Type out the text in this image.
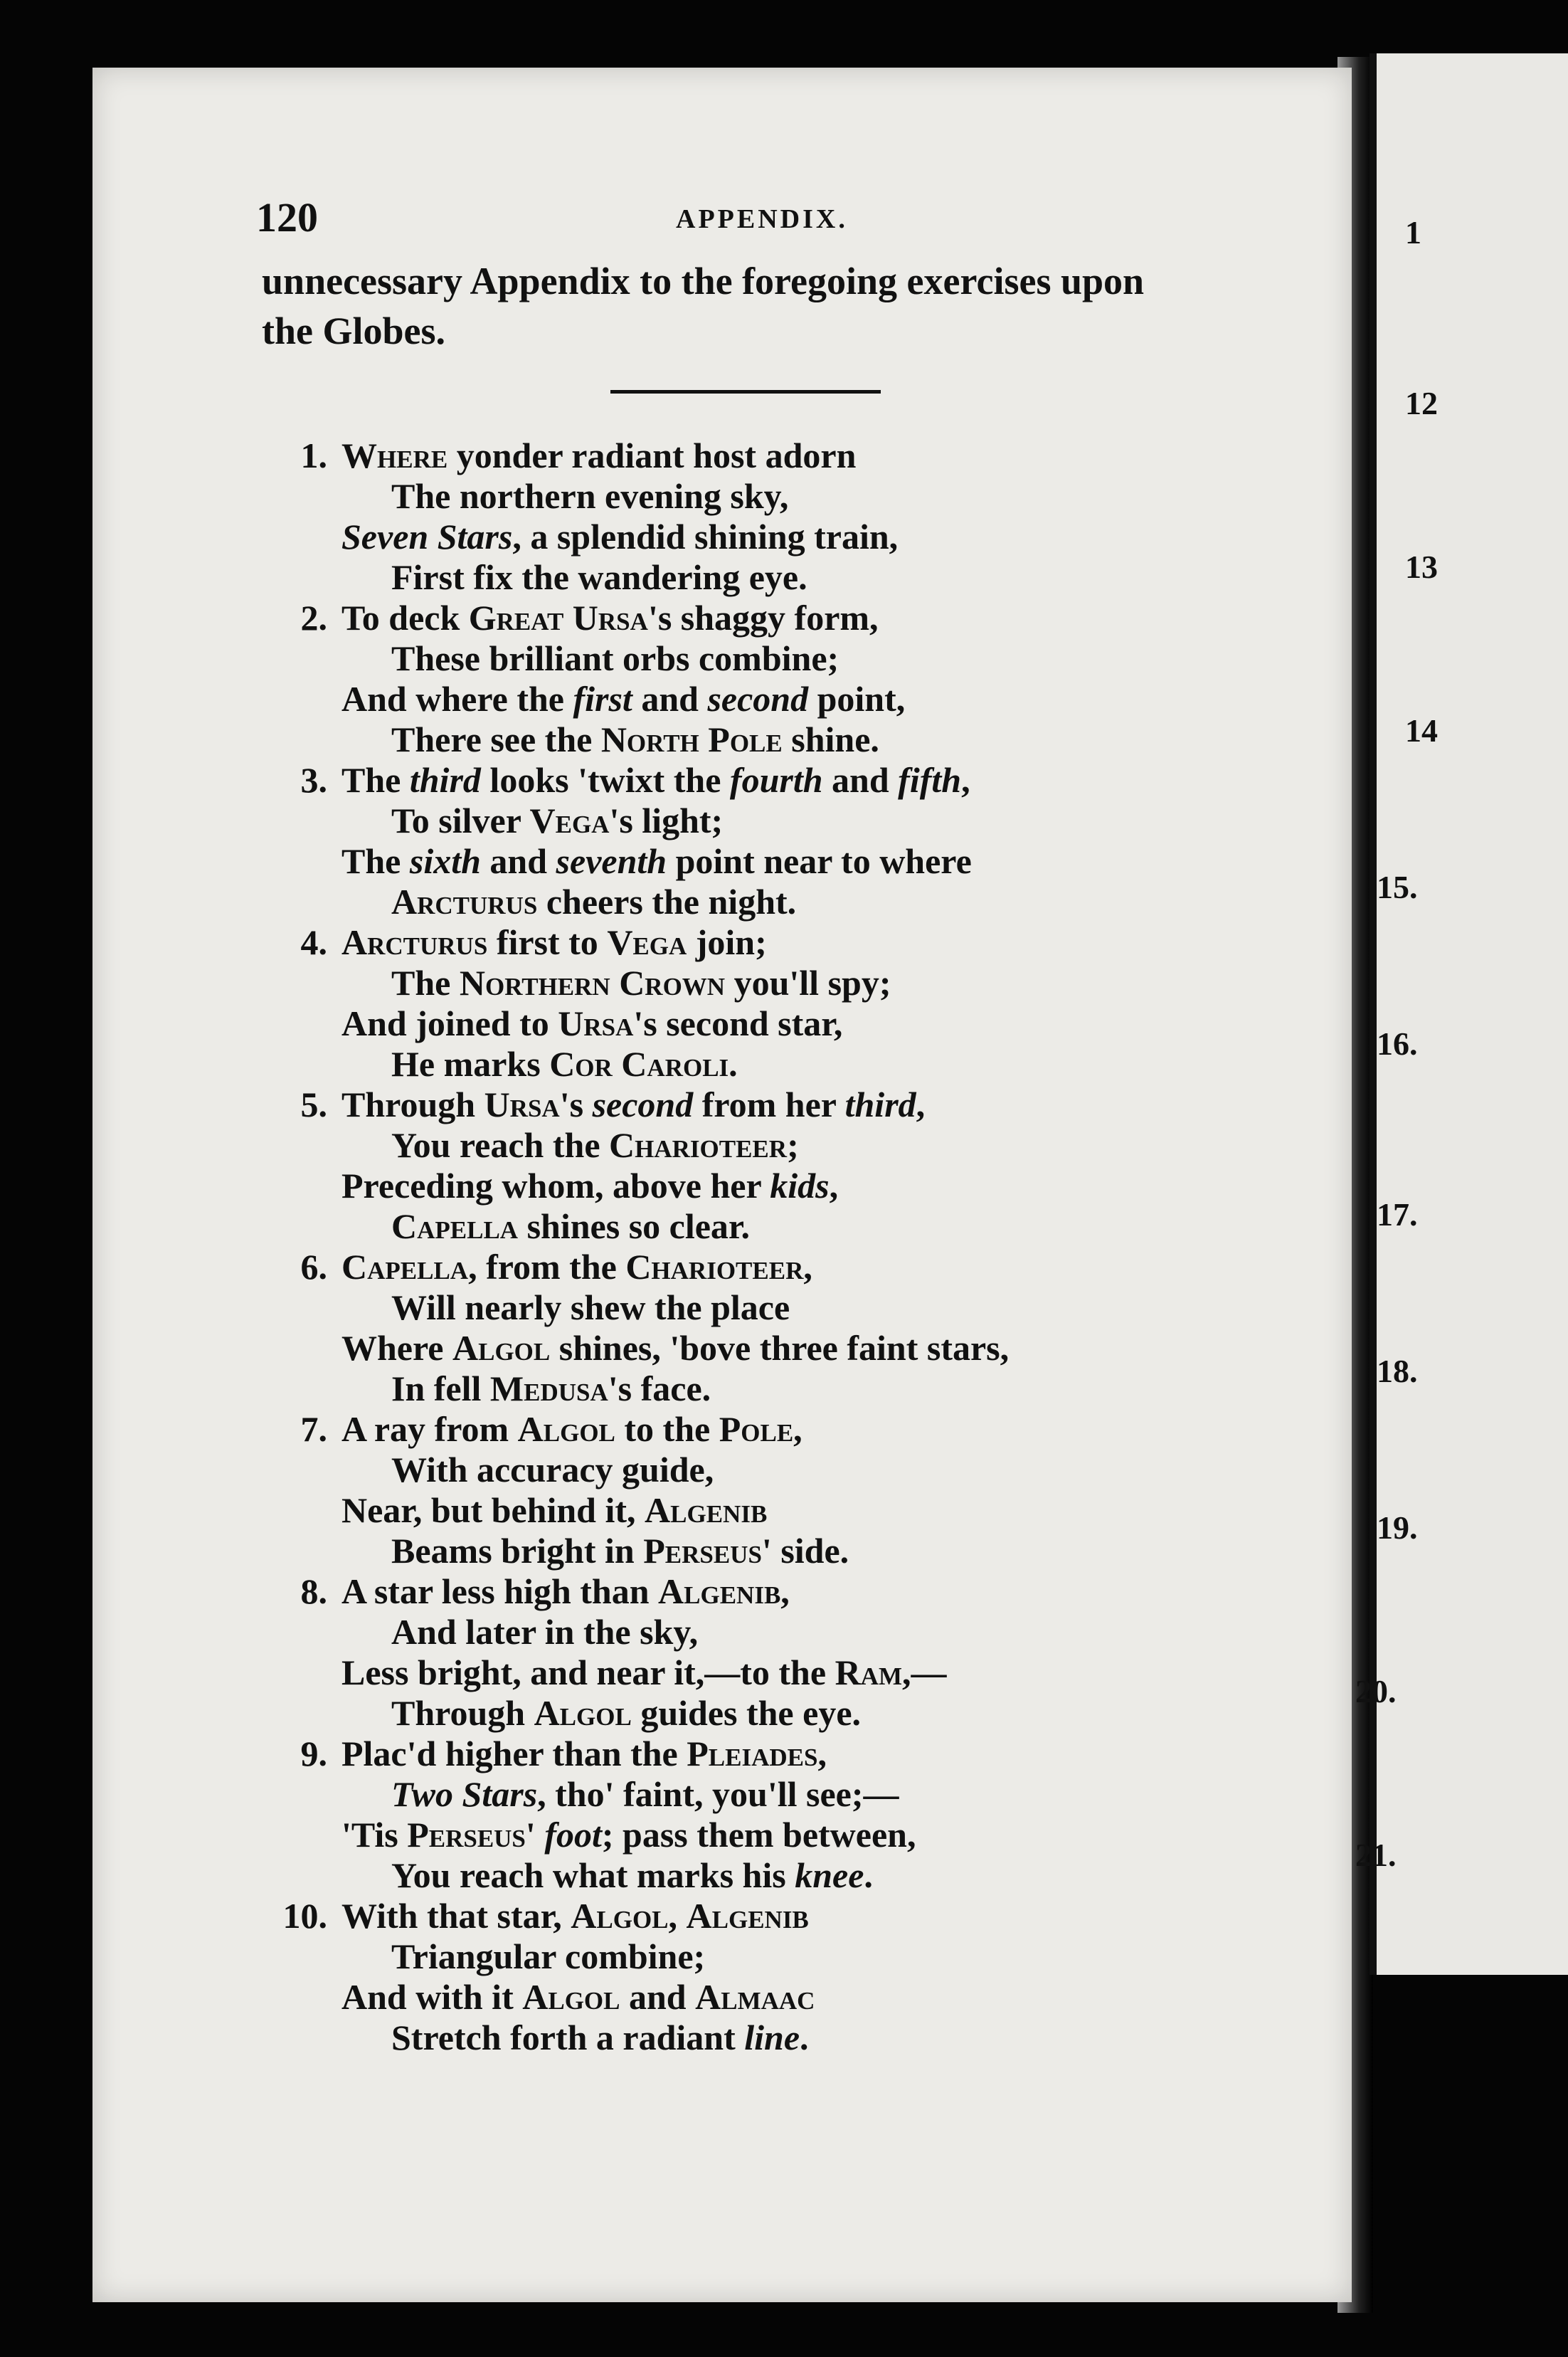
120	APPENDIX.
unnecessary Appendix to the foregoing exercises upon
the Globes.
1. Where yonder radiant host adorn
The northern evening sky,
Seven Stars, a splendid shining train,
First fix the wandering eye.
2. To deck Great Ursa's shaggy form,
These brilliant orbs combine;
And where the first and second point,
There see the North Pole shine.
3. The third looks 'twixt the fourth and fifth,
To silver Vega's light;
The sixth and seventh point near to where
Arcturus cheers the night.
4. Arcturus first to Vega join;
The Northern Crown you'll spy;
And joined to Ursa's second star,
He marks Cor Caroli.
5. Through Ursa's second from her third,
You reach the Charioteer;
Preceding whom, above her kids,
Capella shines so clear.
6. Capella, from the Charioteer,
Will nearly shew the place
Where Algol shines, 'bove three faint stars,
In fell Medusa's face.
7. A ray from Algol to the Pole,
With accuracy guide,
Near, but behind it, Algenib
Beams bright in Perseus' side.
8. A star less high than Algenib,
And later in the sky,
Less bright, and near it,—to the Ram,—
Through Algol guides the eye.
9. Plac'd higher than the Pleiades,
Two Stars, tho' faint, you'll see;—
'Tis Perseus' foot; pass them between,
You reach what marks his knee.
10. With that star, Algol, Algenib
Triangular combine;
And with it Algol and Almaac
Stretch forth a radiant line.
1
12
13
14
15.
16.
17.
18.
19.
20.
21.
